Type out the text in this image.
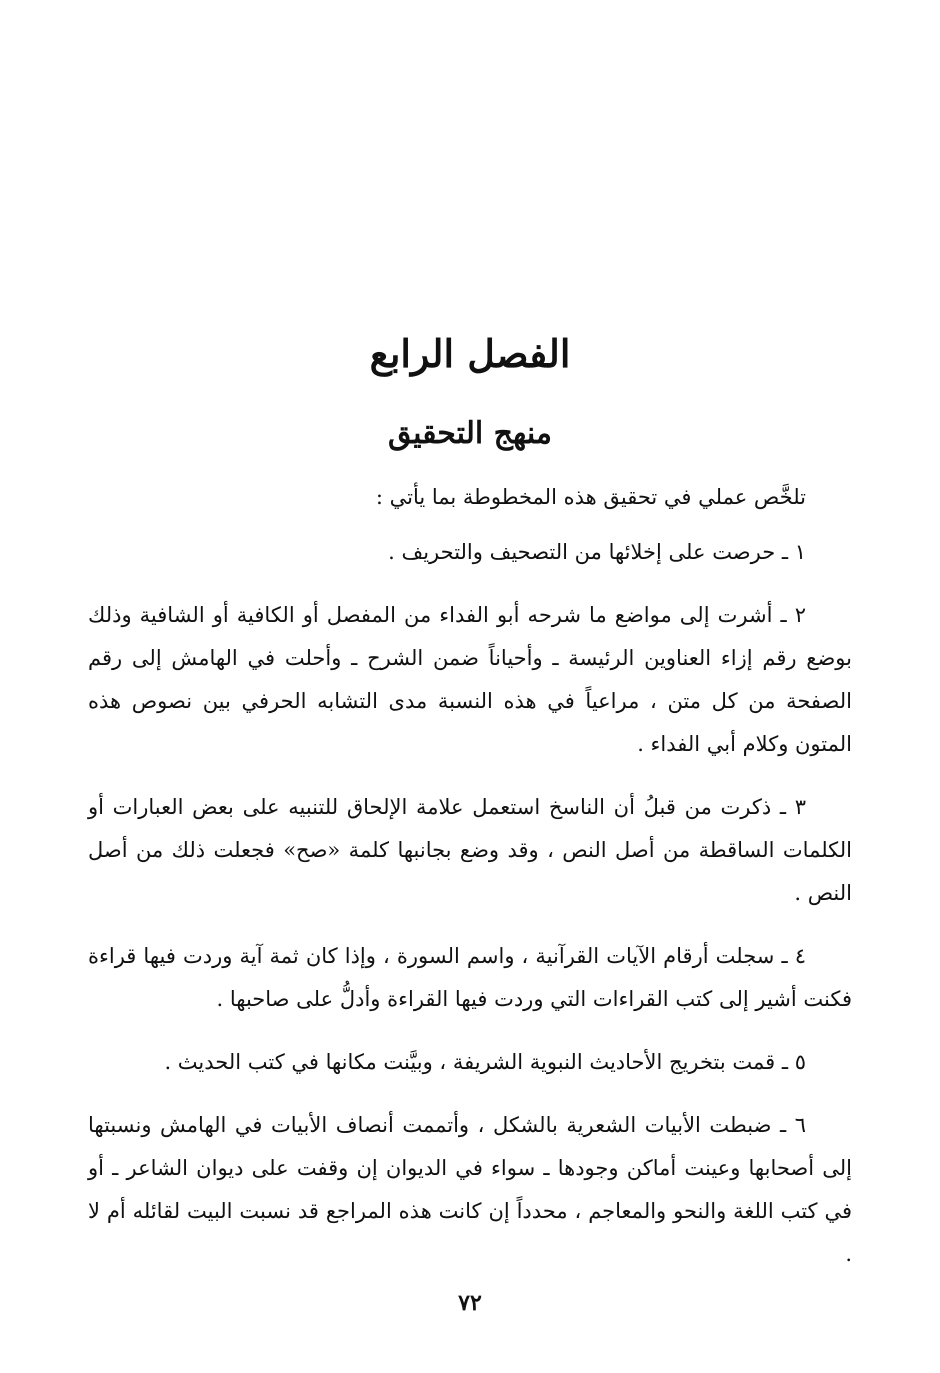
الفصل الرابع
منهج التحقيق

تلخَّص عملي في تحقيق هذه المخطوطة بما يأتي :

١ ـ حرصت على إخلائها من التصحيف والتحريف .

٢ ـ أشرت إلى مواضع ما شرحه أبو الفداء من المفصل أو الكافية أو الشافية وذلك بوضع رقم إزاء العناوين الرئيسة ـ وأحياناً ضمن الشرح ـ وأحلت في الهامش إلى رقم الصفحة من كل متن ، مراعياً في هذه النسبة مدى التشابه الحرفي بين نصوص هذه المتون وكلام أبي الفداء .

٣ ـ ذكرت من قبلُ أن الناسخ استعمل علامة الإلحاق للتنبيه على بعض العبارات أو الكلمات الساقطة من أصل النص ، وقد وضع بجانبها كلمة «صح» فجعلت ذلك من أصل النص .

٤ ـ سجلت أرقام الآيات القرآنية ، واسم السورة ، وإذا كان ثمة آية وردت فيها قراءة فكنت أشير إلى كتب القراءات التي وردت فيها القراءة وأدلُّ على صاحبها .

٥ ـ قمت بتخريج الأحاديث النبوية الشريفة ، وبيَّنت مكانها في كتب الحديث .

٦ ـ ضبطت الأبيات الشعرية بالشكل ، وأتممت أنصاف الأبيات في الهامش ونسبتها إلى أصحابها وعينت أماكن وجودها ـ سواء في الديوان إن وقفت على ديوان الشاعر ـ أو في كتب اللغة والنحو والمعاجم ، محدداً إن كانت هذه المراجع قد نسبت البيت لقائله أم لا .

٧٢
